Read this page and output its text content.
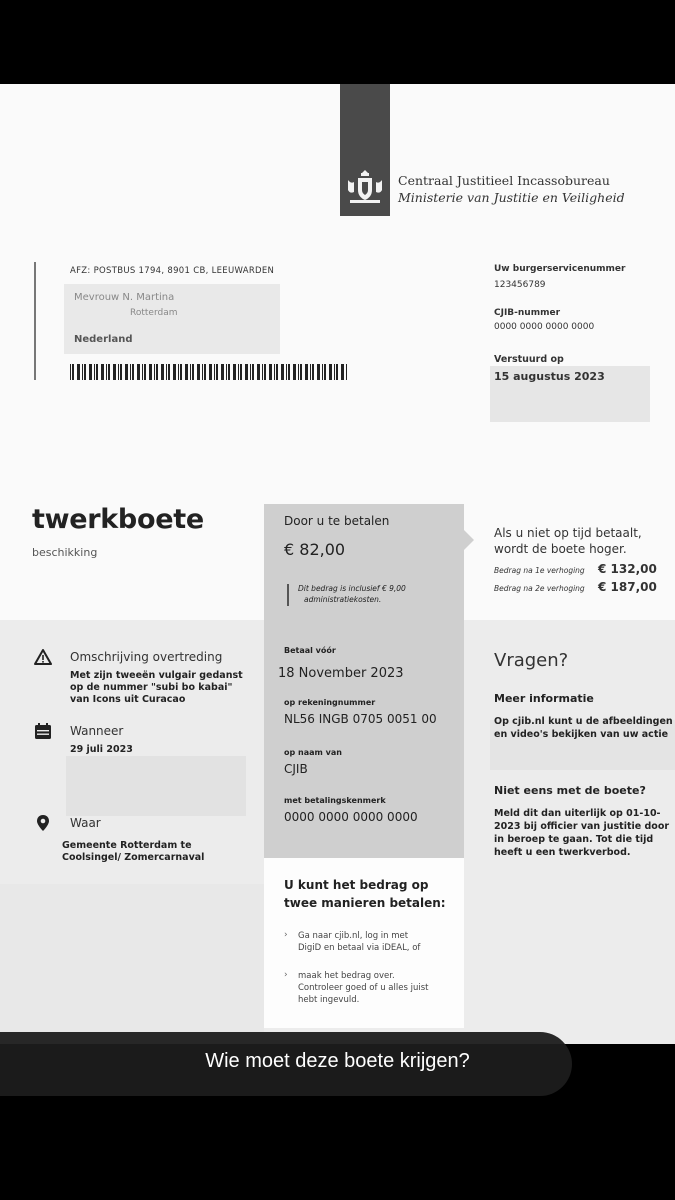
Centraal Justitieel Incassobureau
Ministerie van Justitie en Veiligheid
AFZ: POSTBUS 1794, 8901 CB, LEEUWARDEN
Mevrouw N. Martina
Rotterdam
Nederland
Uw burgerservicenummer
123456789
CJIB-nummer
0000 0000 0000 0000
Verstuurd op
15 augustus 2023
twerkboete
beschikking
Door u te betalen
€ 82,00
Dit bedrag is inclusief € 9,00
administratiekosten.
Betaal vóór
18 November 2023
op rekeningnummer
NL56 INGB 0705 0051 00
op naam van
CJIB
met betalingskenmerk
0000 0000 0000 0000
Als u niet op tijd betaalt,
wordt de boete hoger.
Bedrag na 1e verhoging € 132,00
Bedrag na 2e verhoging € 187,00
Omschrijving overtreding
Met zijn tweeën vulgair gedanst
op de nummer "subi bo kabai"
van Icons uit Curacao
Wanneer
29 juli 2023
Waar
Gemeente Rotterdam te
Coolsingel/ Zomercarnaval
U kunt het bedrag op twee manieren betalen:
› Ga naar cjib.nl, log in met
DigiD en betaal via iDEAL, of
› maak het bedrag over.
Controleer goed of u alles juist
hebt ingevuld.
Vragen?
Meer informatie
Op cjib.nl kunt u de afbeeldingen
en video's bekijken van uw actie
Niet eens met de boete?
Meld dit dan uiterlijk op 01-10-
2023 bij officier van justitie door
in beroep te gaan. Tot die tijd
heeft u een twerkverbod.
Wie moet deze boete krijgen?
